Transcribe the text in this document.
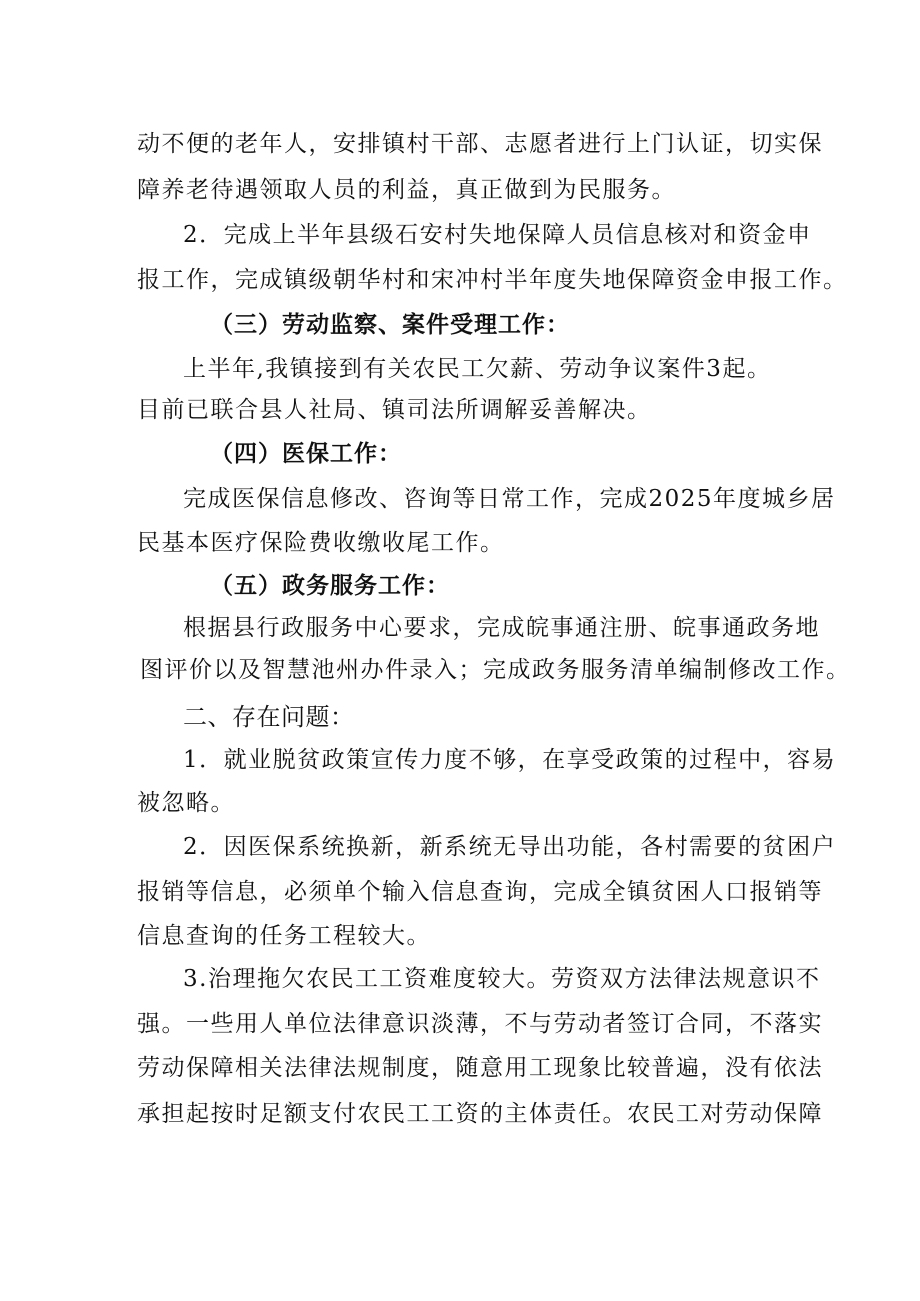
动不便的老年人，安排镇村干部、志愿者进行上门认证，切实保
障养老待遇领取人员的利益，真正做到为民服务。
2．完成上半年县级石安村失地保障人员信息核对和资金申
报工作，完成镇级朝华村和宋冲村半年度失地保障资金申报工作。
（三）劳动监察、案件受理工作：
上半年,我镇接到有关农民工欠薪、劳动争议案件3起。
目前已联合县人社局、镇司法所调解妥善解决。
（四）医保工作：
完成医保信息修改、咨询等日常工作，完成2025年度城乡居
民基本医疗保险费收缴收尾工作。
（五）政务服务工作：
根据县行政服务中心要求，完成皖事通注册、皖事通政务地
图评价以及智慧池州办件录入；完成政务服务清单编制修改工作。
二、存在问题：
1．就业脱贫政策宣传力度不够，在享受政策的过程中，容易
被忽略。
2．因医保系统换新，新系统无导出功能，各村需要的贫困户
报销等信息，必须单个输入信息查询，完成全镇贫困人口报销等
信息查询的任务工程较大。
3.治理拖欠农民工工资难度较大。劳资双方法律法规意识不
强。一些用人单位法律意识淡薄，不与劳动者签订合同，不落实
劳动保障相关法律法规制度，随意用工现象比较普遍，没有依法
承担起按时足额支付农民工工资的主体责任。农民工对劳动保障
